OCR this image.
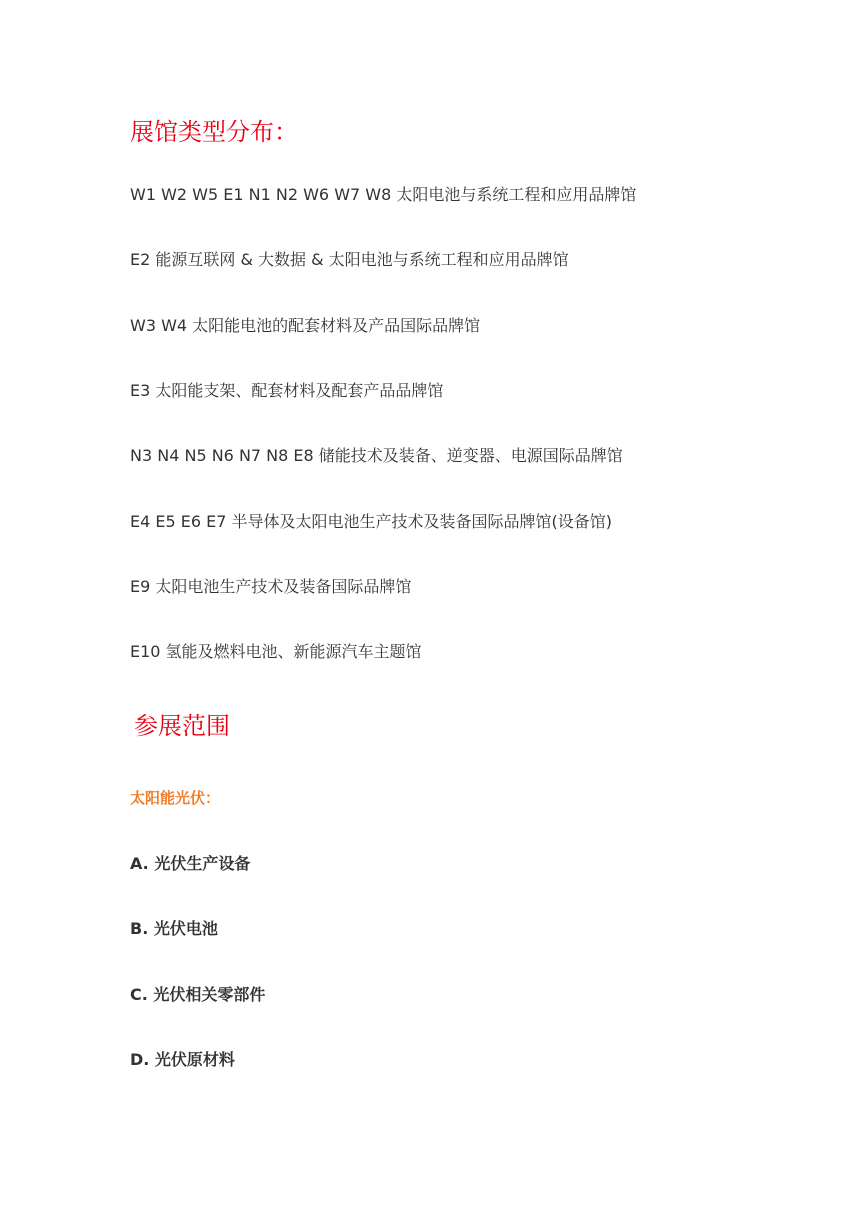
展馆类型分布：
W1 W2 W5 E1 N1 N2 W6 W7 W8 太阳电池与系统工程和应用品牌馆
E2 能源互联网 & 大数据 & 太阳电池与系统工程和应用品牌馆
W3 W4 太阳能电池的配套材料及产品国际品牌馆
E3 太阳能支架、配套材料及配套产品品牌馆
N3 N4 N5 N6 N7 N8 E8 储能技术及装备、逆变器、电源国际品牌馆
E4 E5 E6 E7 半导体及太阳电池生产技术及装备国际品牌馆(设备馆)
E9 太阳电池生产技术及装备国际品牌馆
E10 氢能及燃料电池、新能源汽车主题馆
参展范围
太阳能光伏：
A. 光伏生产设备
B. 光伏电池
C. 光伏相关零部件
D. 光伏原材料
